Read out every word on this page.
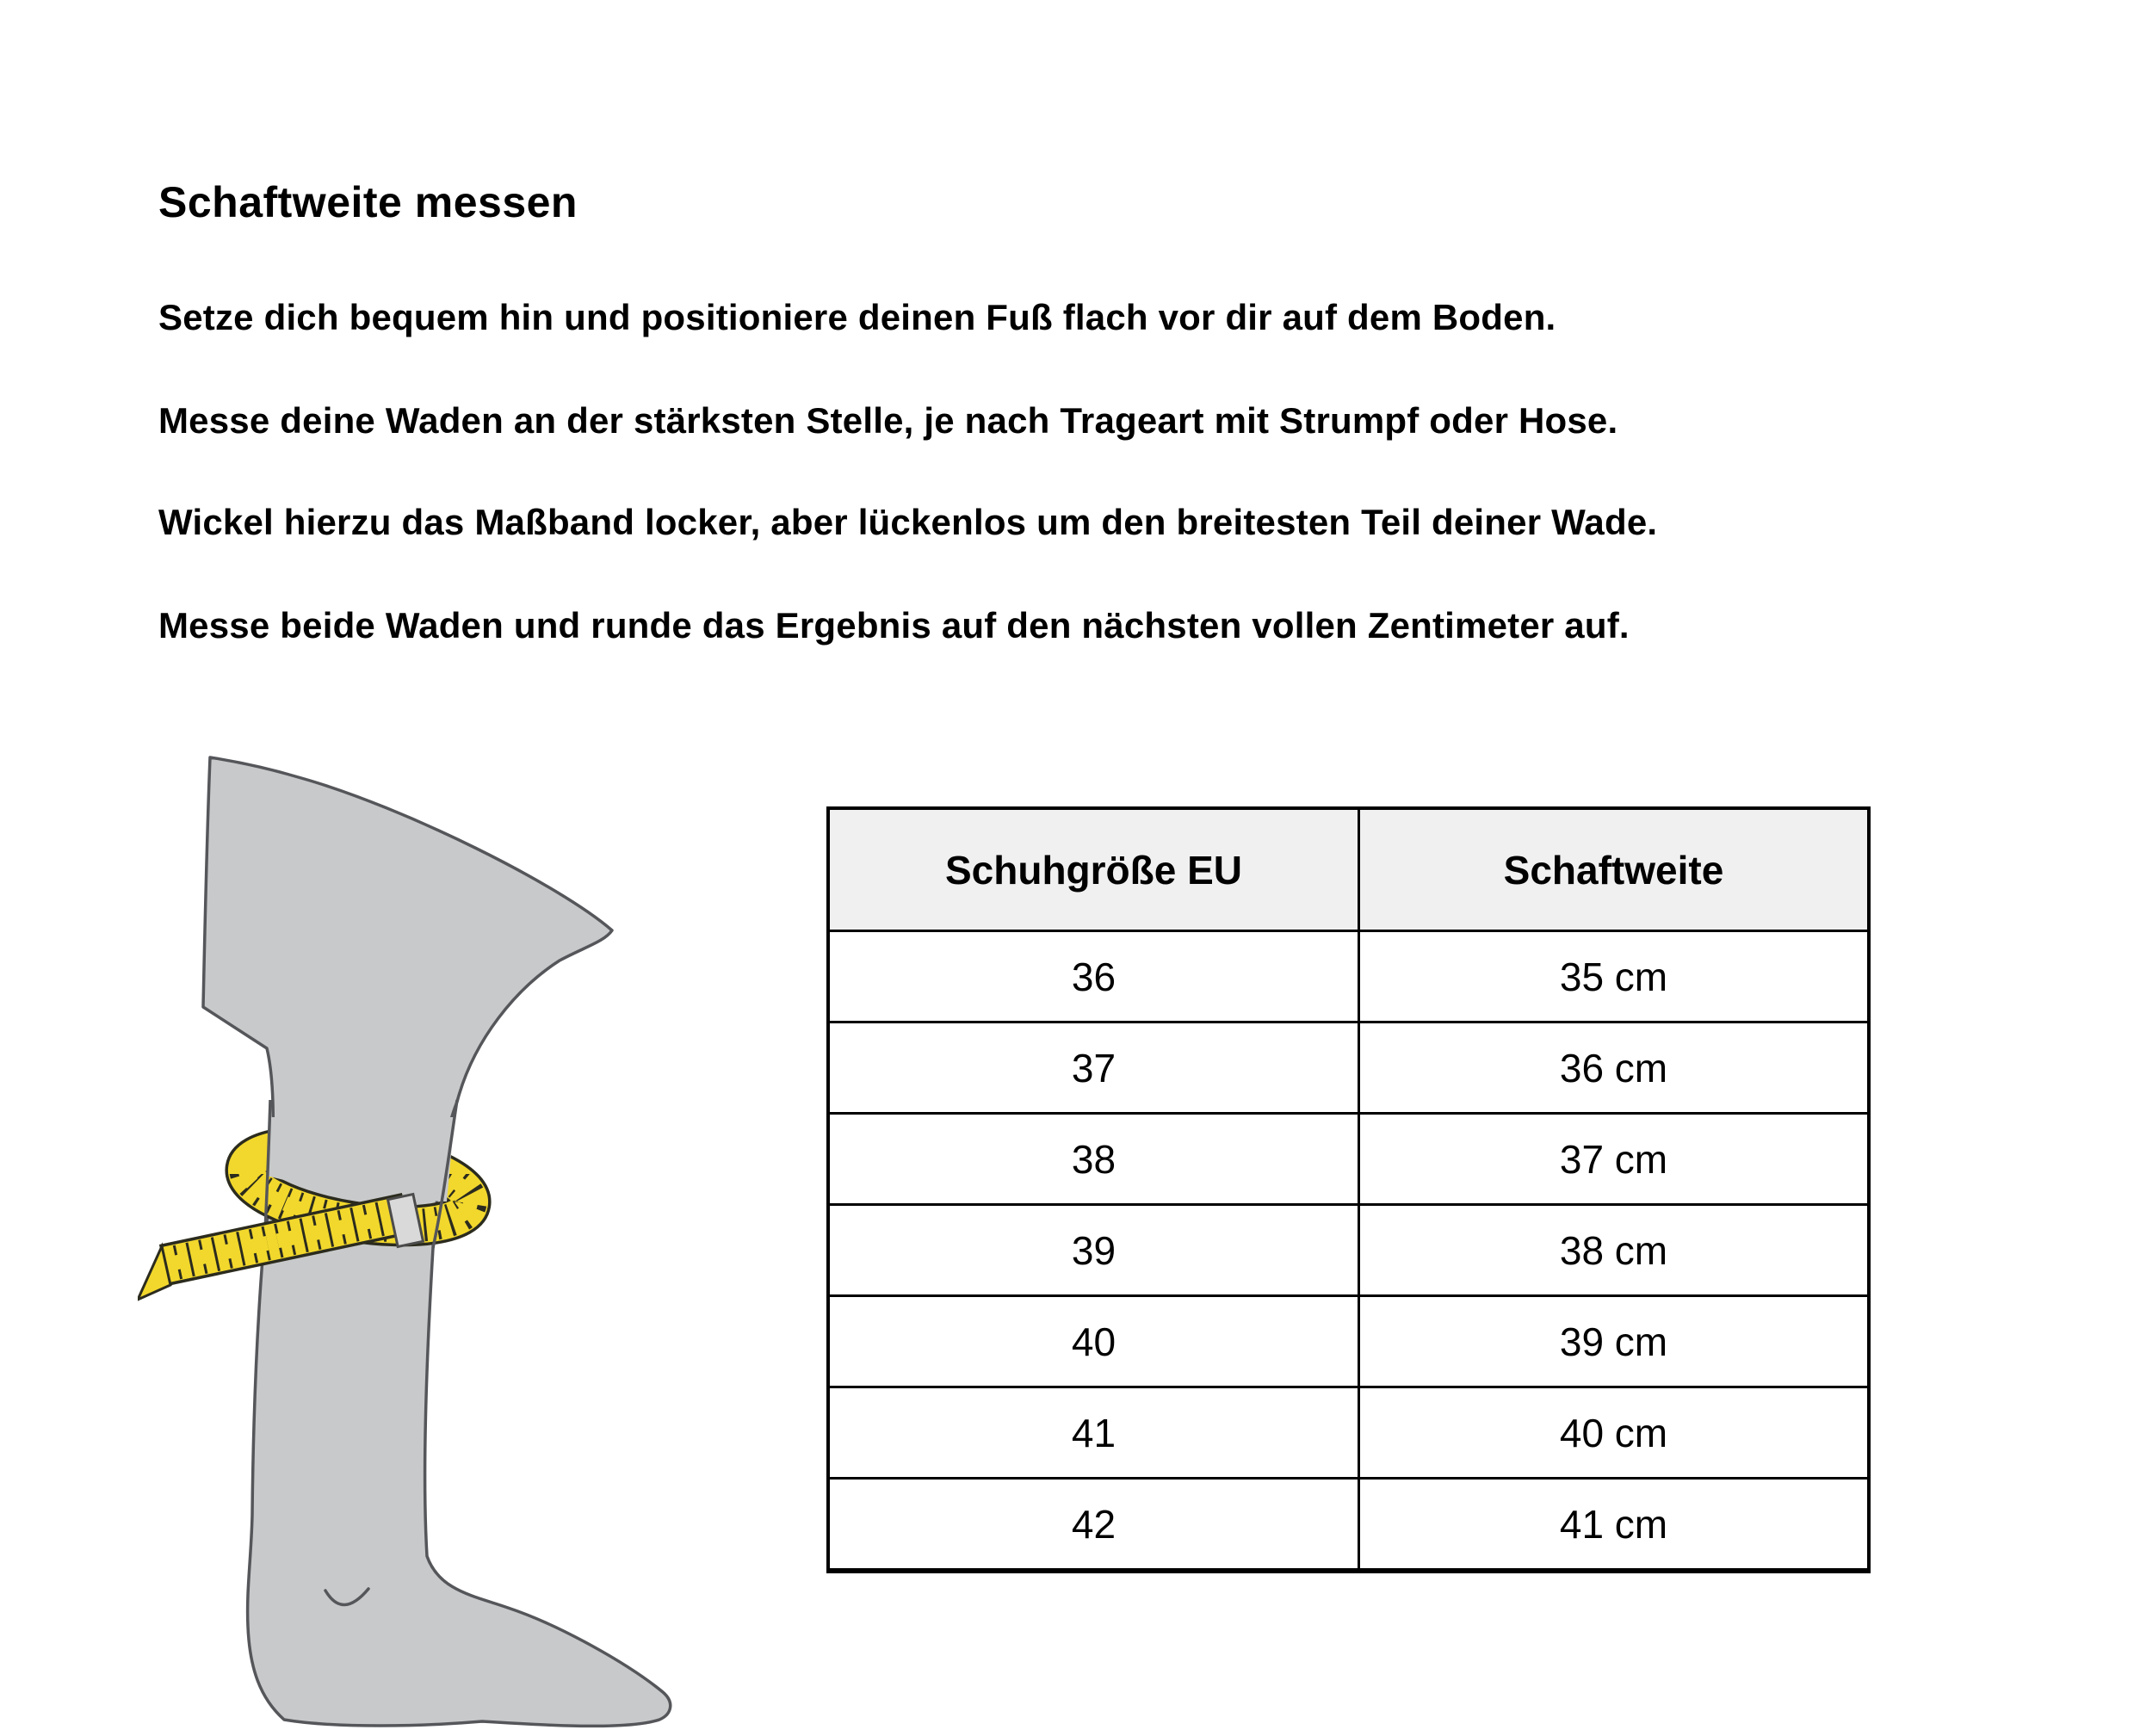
Schaftweite messen

Setze dich bequem hin und positioniere deinen Fuß flach vor dir auf dem Boden.

Messe deine Waden an der stärksten Stelle, je nach Trageart mit Strumpf oder Hose.

Wickel hierzu das Maßband locker, aber lückenlos um den breitesten Teil deiner Wade.

Messe beide Waden und runde das Ergebnis auf den nächsten vollen Zentimeter auf.

Schuhgröße EU	Schaftweite
36	35 cm
37	36 cm
38	37 cm
39	38 cm
40	39 cm
41	40 cm
42	41 cm
